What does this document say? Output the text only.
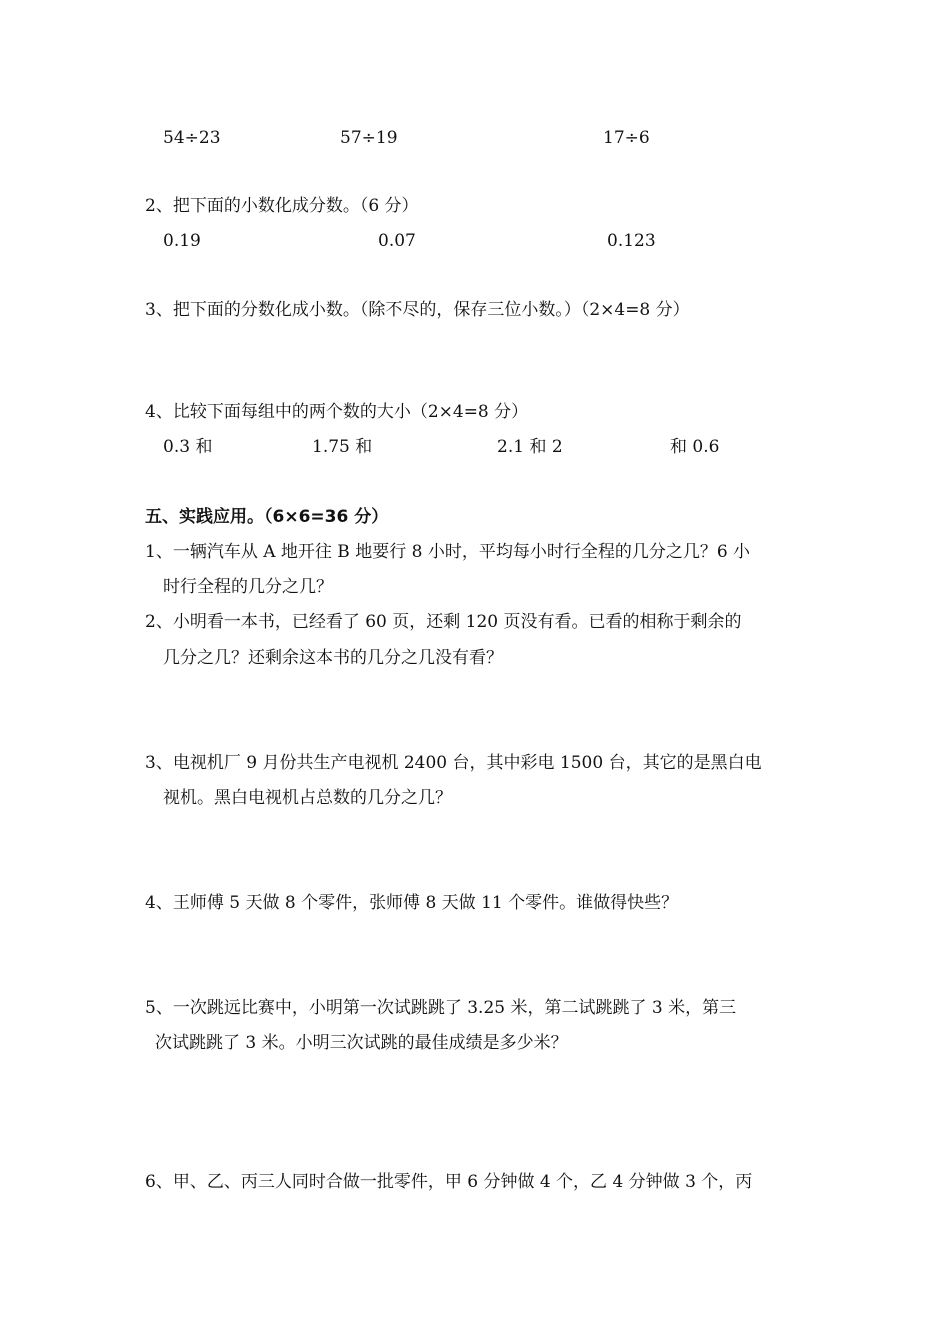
54÷23	57÷19	17÷6
2、把下面的小数化成分数。（6 分）
0.19	0.07	0.123
3、把下面的分数化成小数。（除不尽的，保存三位小数。）（2×4=8 分）
4、比较下面每组中的两个数的大小（2×4=8 分）
0.3 和	1.75 和	2.1 和 2	和 0.6
五、实践应用。（6×6=36 分）
1、一辆汽车从 A 地开往 B 地要行 8 小时，平均每小时行全程的几分之几？6 小
时行全程的几分之几？
2、小明看一本书，已经看了 60 页，还剩 120 页没有看。已看的相称于剩余的
几分之几？还剩余这本书的几分之几没有看？
3、电视机厂 9 月份共生产电视机 2400 台，其中彩电 1500 台，其它的是黑白电
视机。黑白电视机占总数的几分之几？
4、王师傅 5 天做 8 个零件，张师傅 8 天做 11 个零件。谁做得快些？
5、一次跳远比赛中，小明第一次试跳跳了 3.25 米，第二试跳跳了 3 米，第三
次试跳跳了 3 米。小明三次试跳的最佳成绩是多少米？
6、甲、乙、丙三人同时合做一批零件，甲 6 分钟做 4 个，乙 4 分钟做 3 个，丙
